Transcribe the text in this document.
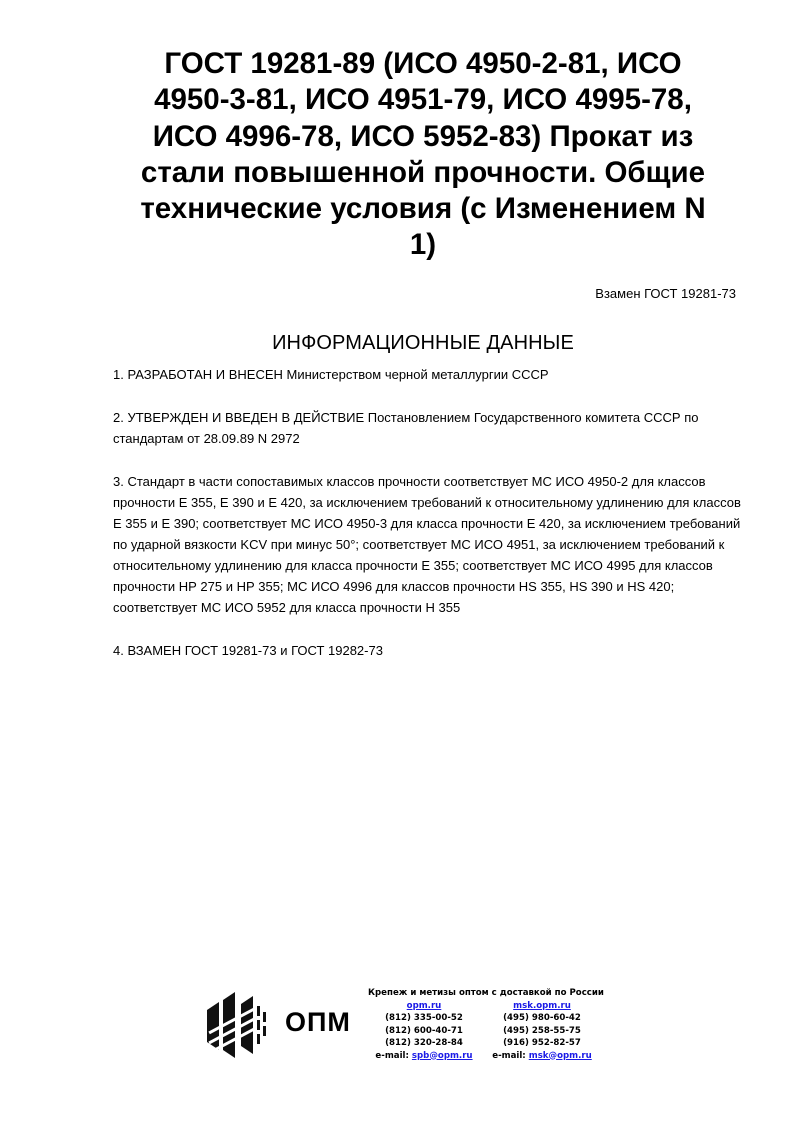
ГОСТ 19281-89 (ИСО 4950-2-81, ИСО
4950-3-81, ИСО 4951-79, ИСО 4995-78,
ИСО 4996-78, ИСО 5952-83) Прокат из
стали повышенной прочности. Общие
технические условия (с Изменением N
1)
Взамен ГОСТ 19281-73
ИНФОРМАЦИОННЫЕ ДАННЫЕ

1. РАЗРАБОТАН И ВНЕСЕН Министерством черной металлургии СССР

2. УТВЕРЖДЕН И ВВЕДЕН В ДЕЙСТВИЕ Постановлением Государственного комитета СССР по стандартам от 28.09.89 N 2972

3. Стандарт в части сопоставимых классов прочности соответствует МС ИСО 4950-2 для классов прочности Е 355, Е 390 и Е 420, за исключением требований к относительному удлинению для классов Е 355 и Е 390; соответствует МС ИСО 4950-3 для класса прочности Е 420, за исключением требований по ударной вязкости KCV при минус 50°; соответствует МС ИСО 4951, за исключением требований к относительному удлинению для класса прочности Е 355; соответствует МС ИСО 4995 для классов прочности НР 275 и НР 355; МС ИСО 4996 для классов прочности HS 355, HS 390 и HS 420; соответствует МС ИСО 5952 для класса прочности Н 355

4. ВЗАМЕН ГОСТ 19281-73 и ГОСТ 19282-73

ОПМ
Крепеж и метизы оптом с доставкой по России
opm.ru
(812) 335-00-52
(812) 600-40-71
(812) 320-28-84
e-mail: spb@opm.ru
msk.opm.ru
(495) 980-60-42
(495) 258-55-75
(916) 952-82-57
e-mail: msk@opm.ru
